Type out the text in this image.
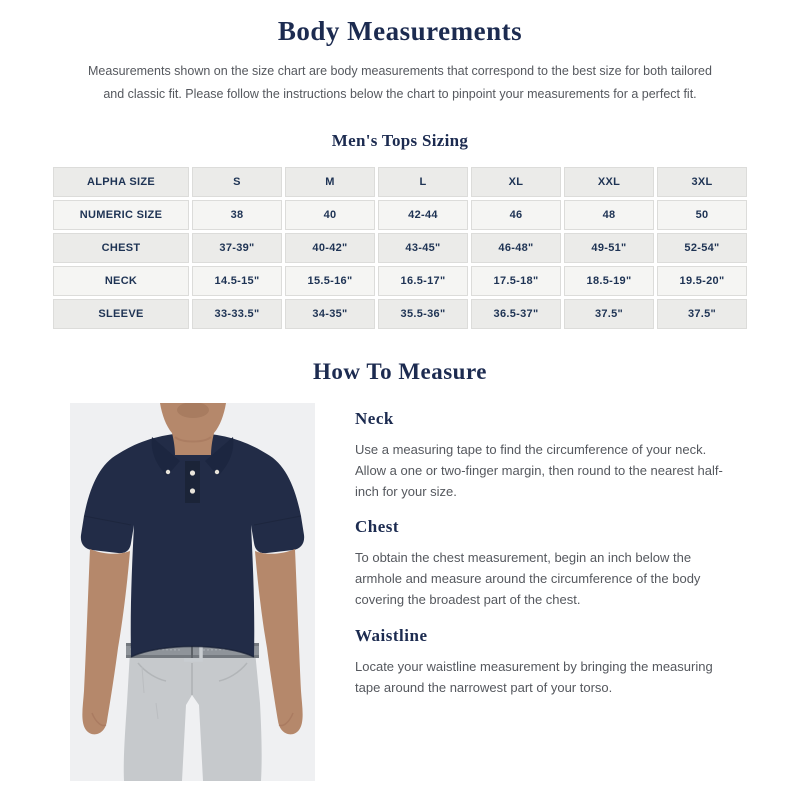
Body Measurements

Measurements shown on the size chart are body measurements that correspond to the best size for both tailored and classic fit. Please follow the instructions below the chart to pinpoint your measurements for a perfect fit.

Men's Tops Sizing
ALPHA SIZE	S	M	L	XL	XXL	3XL
NUMERIC SIZE	38	40	42-44	46	48	50
CHEST	37-39"	40-42"	43-45"	46-48"	49-51"	52-54"
NECK	14.5-15"	15.5-16"	16.5-17"	17.5-18"	18.5-19"	19.5-20"
SLEEVE	33-33.5"	34-35"	35.5-36"	36.5-37"	37.5"	37.5"
How To Measure
Neck

Use a measuring tape to find the circumference of your neck. Allow a one or two-finger margin, then round to the nearest half-inch for your size.

Chest

To obtain the chest measurement, begin an inch below the armhole and measure around the circumference of the body covering the broadest part of the chest.

Waistline

Locate your waistline measurement by bringing the measuring tape around the narrowest part of your torso.
